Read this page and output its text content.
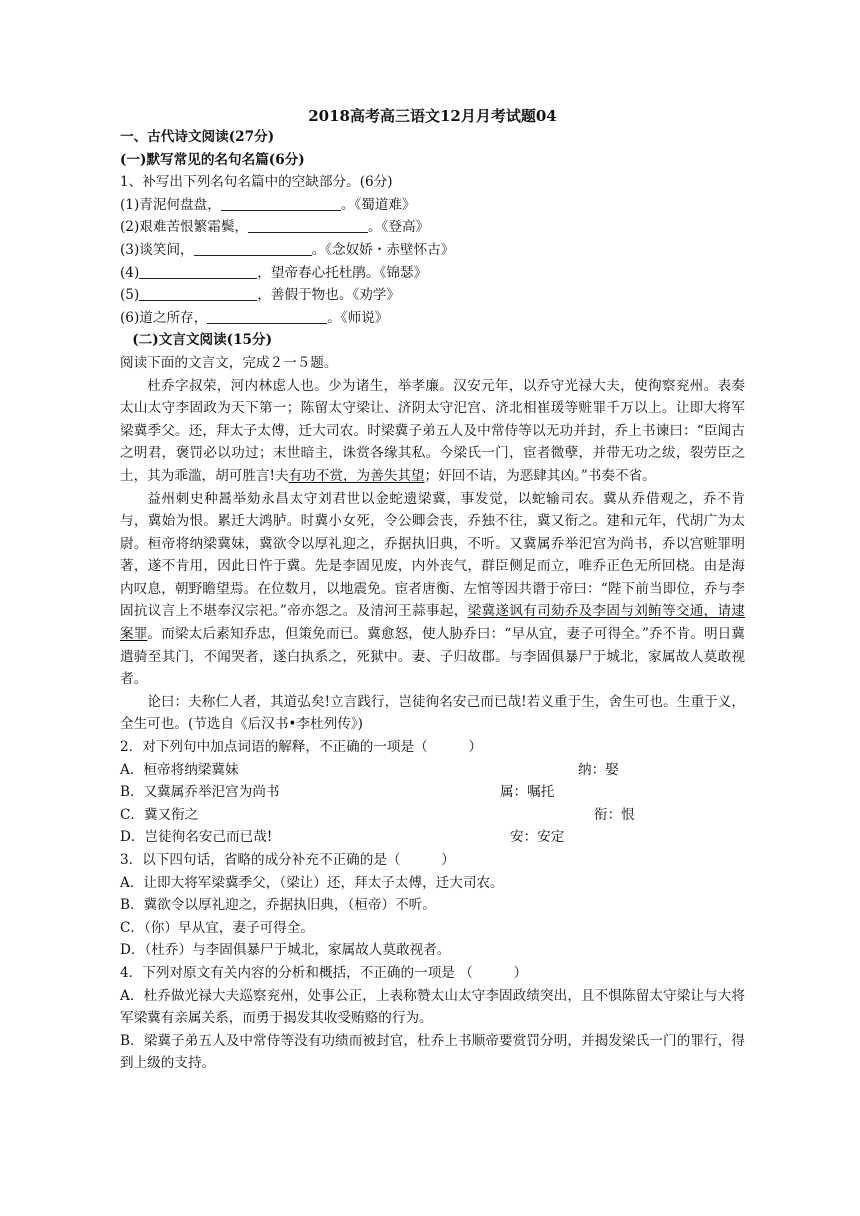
2018高考高三语文12月月考试题04

一、古代诗文阅读(27分)

(一)默写常见的名句名篇(6分)

1、补写出下列名句名篇中的空缺部分。(6分)

(1)青泥何盘盘，	。《蜀道难》

(2)艰难苦恨繁霜鬓，	。《登高》

(3)谈笑间，	。《念奴娇・赤壁怀古》

(4)	，望帝春心托杜鹃。《锦瑟》

(5)	，善假于物也。《劝学》

(6)道之所存，	。《师说》

(二)文言文阅读(15分)

阅读下面的文言文，完成２一５题。

杜乔字叔荣，河内林虑人也。少为诸生，举孝廉。汉安元年，以乔守光禄大夫，使徇察兖州。表奏太山太守李固政为天下第一；陈留太守梁让、济阴太守汜宫、济北相崔瑗等赃罪千万以上。让即大将军梁冀季父。还，拜太子太傅，迁大司农。时梁冀子弟五人及中常侍等以无功并封，乔上书谏曰：“臣闻古之明君，褒罚必以功过；末世暗主，诛赏各缘其私。今梁氏一门，宦者微孽，并带无功之绂，裂劳臣之土，其为乖滥，胡可胜言!夫有功不赏，为善失其望；奸回不诘，为恶肆其凶。”书奏不省。

益州刺史种暠举劾永昌太守刘君世以金蛇遗梁冀，事发觉，以蛇输司农。冀从乔借观之，乔不肯与，冀始为恨。累迁大鸿胪。时冀小女死，令公卿会丧，乔独不往，冀又衔之。建和元年，代胡广为太尉。桓帝将纳梁冀妹，冀欲令以厚礼迎之，乔据执旧典，不听。又冀属乔举汜宫为尚书，乔以宫赃罪明著，遂不肯用，因此日忤于冀。先是李固见废，内外丧气，群臣侧足而立，唯乔正色无所回桡。由是海内叹息，朝野瞻望焉。在位数月，以地震免。宦者唐衡、左悺等因共谮于帝曰：“陛下前当即位，乔与李固抗议言上不堪奉汉宗祀。”帝亦怨之。及清河王蒜事起，梁冀遂讽有司劾乔及李固与刘鲔等交通，请逮案罪。而梁太后素知乔忠，但策免而已。冀愈怒，使人胁乔曰：“早从宜，妻子可得全。”乔不肯。明日冀遣骑至其门，不闻哭者，遂白执系之，死狱中。妻、子归故郡。与李固俱暴尸于城北，家属故人莫敢视者。

论曰：夫称仁人者，其道弘矣!立言践行，岂徒徇名安己而已哉!若义重于生，舍生可也。生重于义，全生可也。(节选自《后汉书•李杜列传》)

2．对下列句中加点词语的解释，不正确的一项是（　　　）

A．桓帝将纳梁冀妹	纳：娶

B．又冀属乔举汜宫为尚书	属：嘱托

C．冀又衔之	衔：恨

D．岂徒徇名安己而已哉!	安：安定

3．以下四句话，省略的成分补充不正确的是（　　　）

A．让即大将军梁冀季父，（梁让）还，拜太子太傅，迁大司农。

B．冀欲令以厚礼迎之，乔据执旧典，（桓帝）不听。

C．（你）早从宜，妻子可得全。

D．（杜乔）与李固俱暴尸于城北，家属故人莫敢视者。

4．下列对原文有关内容的分析和概括，不正确的一项是 （　　　）

A．杜乔做光禄大夫巡察兖州，处事公正，上表称赞太山太守李固政绩突出，且不惧陈留太守梁让与大将军梁冀有亲属关系，而勇于揭发其收受贿赂的行为。

B．梁冀子弟五人及中常侍等没有功绩而被封官，杜乔上书顺帝要赏罚分明，并揭发梁氏一门的罪行，得到上级的支持。
